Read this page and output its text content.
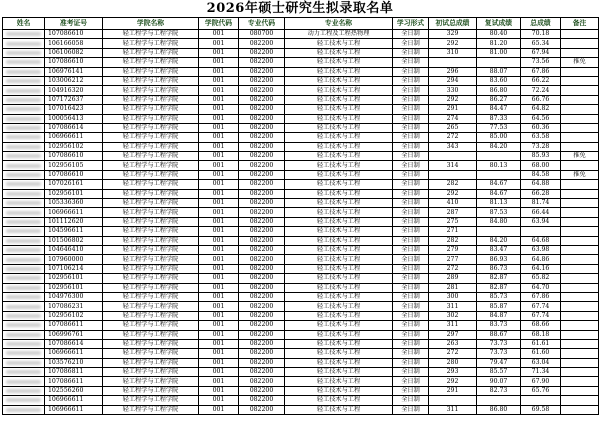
2026年硕士研究生拟录取名单
姓名	准考证号	学院名称	学院代码	专业代码	专业名称	学习形式	初试总成绩	复试成绩	总成绩	备注

	107086610	轻工程学与工程学院	001	080700	动力工程及工程热物理	全日制	329	80.40	70.18	

	106166058	轻工程学与工程学院	001	082200	轻工技术与工程	全日制	292	81.20	65.34	

	106106082	轻工程学与工程学院	001	082200	轻工技术与工程	全日制	310	81.00	67.94	

	107086610	轻工程学与工程学院	001	082200	轻工技术与工程	全日制			73.56	推免

	106976141	轻工程学与工程学院	001	082200	轻工技术与工程	全日制	296	88.07	67.86	

	103006212	轻工程学与工程学院	001	082200	轻工技术与工程	全日制	294	83.60	66.22	

	104916320	轻工程学与工程学院	001	082200	轻工技术与工程	全日制	330	86.80	72.24	

	107172637	轻工程学与工程学院	001	082200	轻工技术与工程	全日制	292	86.27	66.76	

	107016423	轻工程学与工程学院	001	082200	轻工技术与工程	全日制	291	84.47	64.82	

	100056413	轻工程学与工程学院	001	082200	轻工技术与工程	全日制	274	87.33	64.56	

	107086614	轻工程学与工程学院	001	082200	轻工技术与工程	全日制	265	77.53	60.36	

	106966611	轻工程学与工程学院	001	082200	轻工技术与工程	全日制	272	85.00	63.58	

	102956102	轻工程学与工程学院	001	082200	轻工技术与工程	全日制	343	84.20	73.28	

	107086610	轻工程学与工程学院	001	082200	轻工技术与工程	全日制			85.93	推免

	102956105	轻工程学与工程学院	001	082200	轻工技术与工程	全日制	314	80.13	68.00	

	107086610	轻工程学与工程学院	001	082200	轻工技术与工程	全日制			84.58	推免

	107026161	轻工程学与工程学院	001	082200	轻工技术与工程	全日制	282	84.67	64.88	

	102956101	轻工程学与工程学院	001	082200	轻工技术与工程	全日制	292	84.67	66.28	

	105336360	轻工程学与工程学院	001	082200	轻工技术与工程	全日制	410	81.13	81.74	

	106966611	轻工程学与工程学院	001	082200	轻工技术与工程	全日制	287	87.53	66.44	

	101112620	轻工程学与工程学院	001	082200	轻工技术与工程	全日制	275	84.80	63.94	

	104596611	轻工程学与工程学院	001	082200	轻工技术与工程	全日制	271			

	101506802	轻工程学与工程学院	001	082200	轻工技术与工程	全日制	282	84.20	64.68	

	104646410	轻工程学与工程学院	001	082200	轻工技术与工程	全日制	279	83.47	63.98	

	107960000	轻工程学与工程学院	001	082200	轻工技术与工程	全日制	277	86.93	64.86	

	107106214	轻工程学与工程学院	001	082200	轻工技术与工程	全日制	272	86.73	64.16	

	102956101	轻工程学与工程学院	001	082200	轻工技术与工程	全日制	289	82.87	65.82	

	102956101	轻工程学与工程学院	001	082200	轻工技术与工程	全日制	281	82.87	64.70	

	104976300	轻工程学与工程学院	001	082200	轻工技术与工程	全日制	300	85.73	67.86	

	107086231	轻工程学与工程学院	001	082200	轻工技术与工程	全日制	311	85.87	67.74	

	102956102	轻工程学与工程学院	001	082200	轻工技术与工程	全日制	302	84.87	67.74	

	107086611	轻工程学与工程学院	001	082200	轻工技术与工程	全日制	311	83.73	68.66	

	106996761	轻工程学与工程学院	001	082200	轻工技术与工程	全日制	297	88.67	68.18	

	107086614	轻工程学与工程学院	001	082200	轻工技术与工程	全日制	263	73.73	61.61	

	106966611	轻工程学与工程学院	001	082200	轻工技术与工程	全日制	272	73.73	61.60	

	103576210	轻工程学与工程学院	001	082200	轻工技术与工程	全日制	280	79.47	63.04	

	107086811	轻工程学与工程学院	001	082200	轻工技术与工程	全日制	293	85.57	71.34	

	107086611	轻工程学与工程学院	001	082200	轻工技术与工程	全日制	292	90.07	67.90	

	102556260	轻工程学与工程学院	001	082200	轻工技术与工程	全日制	291	82.73	65.76	

	106966611	轻工程学与工程学院	001	082200	轻工技术与工程	全日制				

	106966611	轻工程学与工程学院	001	082200	轻工技术与工程	全日制	311	86.80	69.58	
